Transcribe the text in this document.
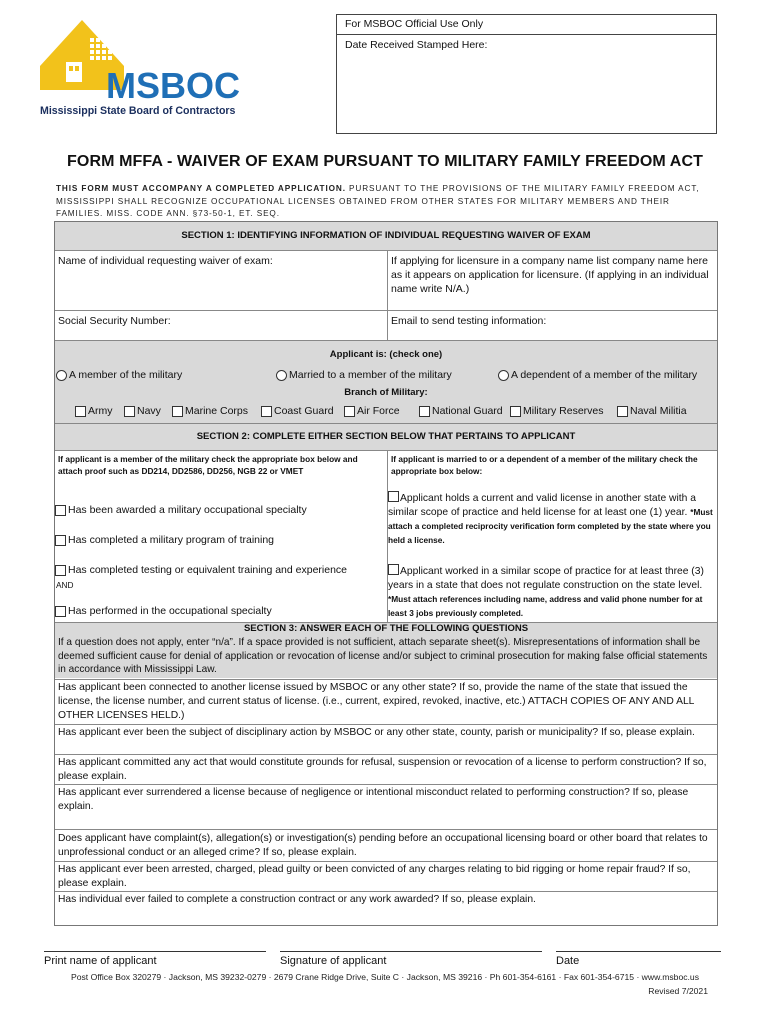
MSBOC
Mississippi State Board of Contractors
For MSBOC Official Use Only
Date Received Stamped Here:
FORM MFFA - WAIVER OF EXAM PURSUANT TO MILITARY FAMILY FREEDOM ACT
THIS FORM MUST ACCOMPANY A COMPLETED APPLICATION. PURSUANT TO THE PROVISIONS OF THE MILITARY FAMILY FREEDOM ACT, MISSISSIPPI SHALL RECOGNIZE OCCUPATIONAL LICENSES OBTAINED FROM OTHER STATES FOR MILITARY MEMBERS AND THEIR FAMILIES. MISS. CODE ANN. §73-50-1, ET. SEQ.
SECTION 1: IDENTIFYING INFORMATION OF INDIVIDUAL REQUESTING WAIVER OF EXAM
Name of individual requesting waiver of exam:	If applying for licensure in a company name list company name here as it appears on application for licensure. (If applying in an individual name write N/A.)
Social Security Number:	Email to send testing information:
Applicant is: (check one)
A member of the military	Married to a member of the military	A dependent of a member of the military
Branch of Military:
Army Navy Marine Corps Coast Guard Air Force	National Guard Military Reserves	Naval Militia
SECTION 2: COMPLETE EITHER SECTION BELOW THAT PERTAINS TO APPLICANT
If applicant is a member of the military check the appropriate box below and attach proof such as DD214, DD2586, DD256, NGB 22 or VMET
If applicant is married to or a dependent of a member of the military check the appropriate box below:
Has been awarded a military occupational specialty
Has completed a military program of training
Has completed testing or equivalent training and experience
AND
Has performed in the occupational specialty
Applicant holds a current and valid license in another state with a similar scope of practice and held license for at least one (1) year. *Must attach a completed reciprocity verification form completed by the state where you held a license.
Applicant worked in a similar scope of practice for at least three (3) years in a state that does not regulate construction on the state level. *Must attach references including name, address and valid phone number for at least 3 jobs previously completed.
SECTION 3: ANSWER EACH OF THE FOLLOWING QUESTIONS
If a question does not apply, enter “n/a”. If a space provided is not sufficient, attach separate sheet(s). Misrepresentations of information shall be deemed sufficient cause for denial of application or revocation of license and/or subject to criminal prosecution for making false official statements in accordance with Mississippi Law.
Has applicant been connected to another license issued by MSBOC or any other state? If so, provide the name of the state that issued the license, the license number, and current status of license. (i.e., current, expired, revoked, inactive, etc.) ATTACH COPIES OF ANY AND ALL OTHER LICENSES HELD.)
Has applicant ever been the subject of disciplinary action by MSBOC or any other state, county, parish or municipality? If so, please explain.
Has applicant committed any act that would constitute grounds for refusal, suspension or revocation of a license to perform construction? If so, please explain.
Has applicant ever surrendered a license because of negligence or intentional misconduct related to performing construction? If so, please explain.
Does applicant have complaint(s), allegation(s) or investigation(s) pending before an occupational licensing board or other board that relates to unprofessional conduct or an alleged crime? If so, please explain.
Has applicant ever been arrested, charged, plead guilty or been convicted of any charges relating to bid rigging or home repair fraud? If so, please explain.
Has individual ever failed to complete a construction contract or any work awarded? If so, please explain.
Print name of applicant	Signature of applicant	Date
Post Office Box 320279 · Jackson, MS 39232-0279 · 2679 Crane Ridge Drive, Suite C · Jackson, MS 39216 · Ph 601-354-6161 · Fax 601-354-6715 · www.msboc.us
Revised 7/2021
